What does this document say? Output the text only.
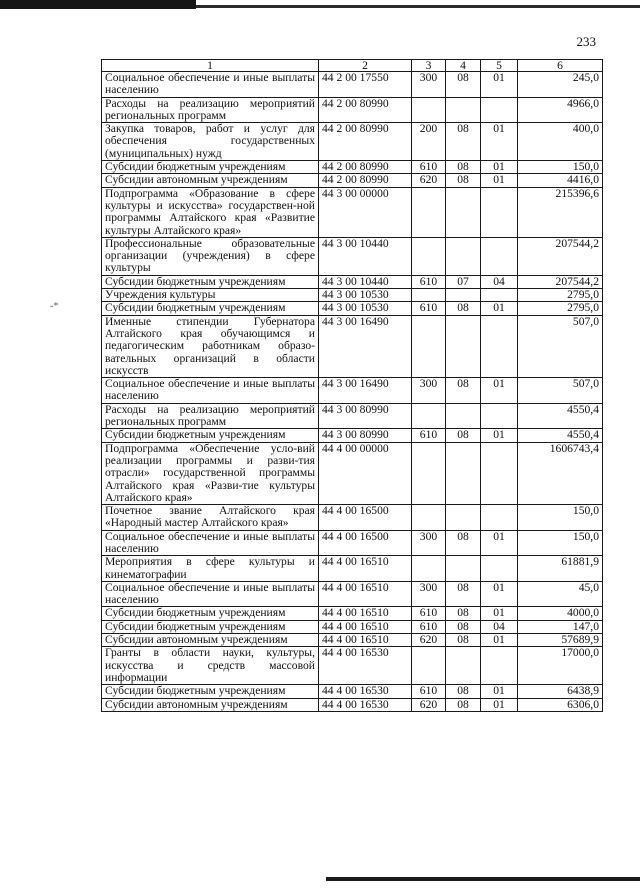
233
-*
1	2	3	4	5	6
Социальное обеспечение и иные выплаты населению	44 2 00 17550	300	08	01	245,0
Расходы на реализацию мероприятий региональных программ	44 2 00 80990				4966,0
Закупка товаров, работ и услуг для обеспечения государственных (муниципальных) нужд	44 2 00 80990	200	08	01	400,0
Субсидии бюджетным учреждениям	44 2 00 80990	610	08	01	150,0
Субсидии автономным учреждениям	44 2 00 80990	620	08	01	4416,0
Подпрограмма «Образование в сфере культуры и искусства» государствен-ной программы Алтайского края «Развитие культуры Алтайского края»	44 3 00 00000				215396,6
Профессиональные образовательные организации (учреждения) в сфере культуры	44 3 00 10440				207544,2
Субсидии бюджетным учреждениям	44 3 00 10440	610	07	04	207544,2
Учреждения культуры	44 3 00 10530				2795,0
Субсидии бюджетным учреждениям	44 3 00 10530	610	08	01	2795,0
Именные стипендии Губернатора Алтайского края обучающимся и педагогическим работникам образо-вательных организаций в области искусств	44 3 00 16490				507,0
Социальное обеспечение и иные выплаты населению	44 3 00 16490	300	08	01	507,0
Расходы на реализацию мероприятий региональных программ	44 3 00 80990				4550,4
Субсидии бюджетным учреждениям	44 3 00 80990	610	08	01	4550,4
Подпрограмма «Обеспечение усло-вий реализации программы и разви-тия отрасли» государственной программы Алтайского края «Разви-тие культуры Алтайского края»	44 4 00 00000				1606743,4
Почетное звание Алтайского края «Народный мастер Алтайского края»	44 4 00 16500				150,0
Социальное обеспечение и иные выплаты населению	44 4 00 16500	300	08	01	150,0
Мероприятия в сфере культуры и кинематографии	44 4 00 16510				61881,9
Социальное обеспечение и иные выплаты населению	44 4 00 16510	300	08	01	45,0
Субсидии бюджетным учреждениям	44 4 00 16510	610	08	01	4000,0
Субсидии бюджетным учреждениям	44 4 00 16510	610	08	04	147,0
Субсидии автономным учреждениям	44 4 00 16510	620	08	01	57689,9
Гранты в области науки, культуры, искусства и средств массовой информации	44 4 00 16530				17000,0
Субсидии бюджетным учреждениям	44 4 00 16530	610	08	01	6438,9
Субсидии автономным учреждениям	44 4 00 16530	620	08	01	6306,0
